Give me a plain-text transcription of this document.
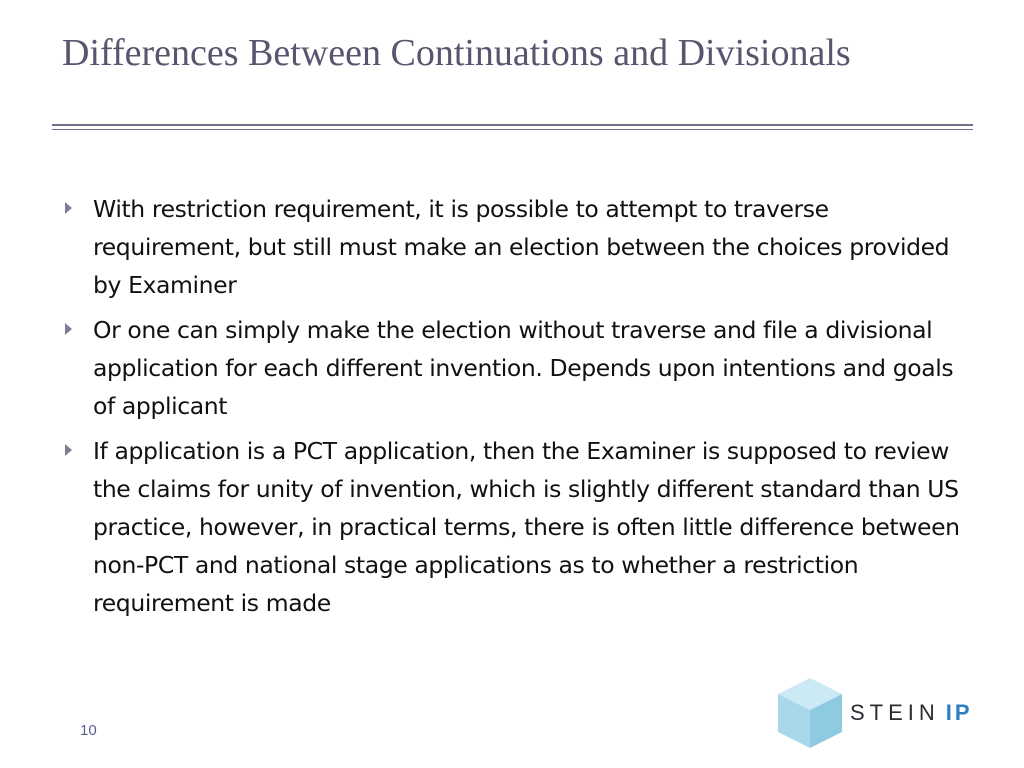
Differences Between Continuations and Divisionals
With restriction requirement, it is possible to attempt to traverse requirement, but still must make an election between the choices provided by Examiner
Or one can simply make the election without traverse and file a divisional application for each different invention. Depends upon intentions and goals of applicant
If application is a PCT application, then the Examiner is supposed to review the claims for unity of invention, which is slightly different standard than US practice, however, in practical terms, there is often little difference between non-PCT and national stage applications as to whether a restriction requirement is made
10
STEIN IP
